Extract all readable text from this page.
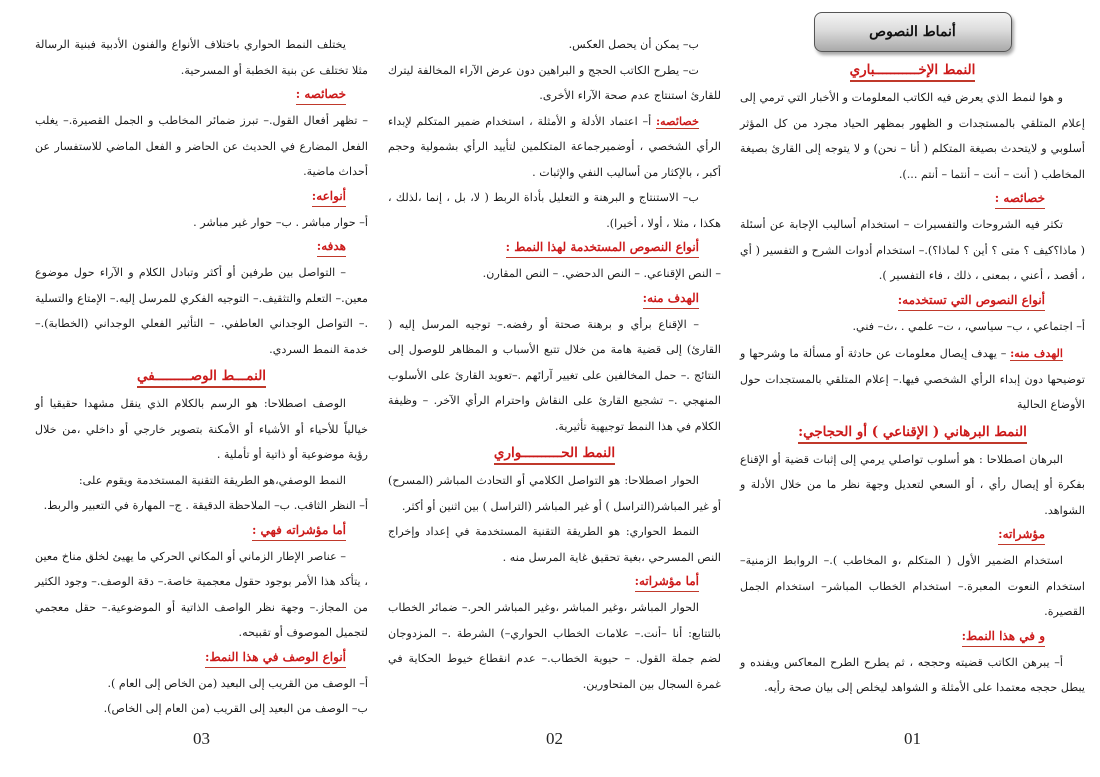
أنماط النصوص
النمط الإخـــــــــــباري

و هوا لنمط الذي يعرض فيه الكاتب المعلومات و الأخبار التي ترمي إلى إعلام المتلقي بالمستجدات و الظهور بمظهر الحياد مجرد من كل المؤثر أسلوبي و لايتحدث بصيغة المتكلم ( أنا – نحن) و لا يتوجه إلى القارئ بصيغة المخاطب ( أنت – أنت – أنتما – أنتم ...).

خصائصه :

تكثر فيه الشروحات والتفسيرات – استخدام أساليب الإجابة عن أسئلة ( ماذا؟كيف ؟ متى ؟ أين ؟ لماذا؟).– استخدام أدوات الشرح و التفسير ( أي ، أقصد ، أعني ، بمعنى ، ذلك ، فاء التفسير ).

أنواع النصوص التي تستخدمه:

أ– اجتماعي ، ب– سياسي، ، ت– علمي . ،ث– فني.

الهدف منه: – يهدف إيصال معلومات عن حادثة أو مسألة ما وشرحها و توضيحها دون إبداء الرأي الشخصي فيها.– إعلام المتلقي بالمستجدات حول الأوضاع الحالية

النمط البرهاني ( الإقناعي ) أو الحجاجي:

البرهان اصطلاحا : هو أسلوب تواصلي يرمي إلى إثبات قضية أو الإقناع بفكرة أو إيصال رأي ، أو السعي لتعديل وجهة نظر ما من خلال الأدلة و الشواهد.

مؤشراته:

استخدام الضمير الأول ( المتكلم ،و المخاطب ).– الروابط الزمنية– استخدام النعوت المعبرة.– استخدام الخطاب المباشر– استخدام الجمل القصيرة.

و في هذا النمط:

أ– يبرهن الكاتب قضيته وحججه ، ثم يطرح الطرح المعاكس ويفنده و يبطل حججه معتمدا على الأمثلة و الشواهد ليخلص إلى بيان صحة رأيه.

01

ب– يمكن أن يحصل العكس.

ت– يطرح الكاتب الحجج و البراهين دون عرض الآراء المخالفة ليترك للقارئ استنتاج عدم صحة الآراء الأخرى.

خصائصه: أ– اعتماد الأدلة و الأمثلة ، استخدام ضمير المتكلم لإبداء الرأي الشخصي ، أوضميرجماعة المتكلمين لتأييد الرأي بشمولية وحجم أكبر ، بالإكثار من أساليب النفي والإثبات .

ب– الاستنتاج و البرهنة و التعليل بأداة الربط ( لا، بل ، إنما ،لذلك ، هكذا ، مثلا ، أولا ، أخيرا).

أنواع النصوص المستخدمة لهذا النمط :

– النص الإقناعي. – النص الدحضي. – النص المقارن.

الهدف منه:

– الإقناع برأي و برهنة صحتة أو رفضه.– توجيه المرسل إليه ( القارئ) إلى قضية هامة من خلال تتبع الأسباب و المظاهر للوصول إلى النتائج .– حمل المخالفين على تغيير آرائهم .–تعويد القارئ على الأسلوب المنهجي .– تشجيع القارئ على النقاش واحترام الرأي الآخر. – وظيفة الكلام في هذا النمط توجيهية تأثيرية.

النمط الحــــــــــواري

الحوار اصطلاحا: هو التواصل الكلامي أو التحادث المباشر (المسرح) أو غير المباشر(التراسل ) أو غير المباشر (التراسل ) بين اثنين أو أكثر.

النمط الحواري: هو الطريقة التقنية المستخدمة في إعداد وإخراج النص المسرحي ،بغية تحقيق غاية المرسل منه .

أما مؤشراته:

الحوار المباشر ،وغير المباشر ،وغير المباشر الحر.– ضمائر الخطاب بالتتابع: أنا –أنت.– علامات الخطاب الحواري–) الشرطة .– المزدوجان لضم جملة القول. – حيوية الخطاب.– عدم انقطاع خيوط الحكاية في غمرة السجال بين المتحاورين.

02

يختلف النمط الحواري باختلاف الأنواع والفنون الأدبية فبنية الرسالة مثلا تختلف عن بنية الخطبة أو المسرحية.

خصائصه :

– تظهر أفعال القول.– تبرز ضمائر المخاطب و الجمل القصيرة.– يغلب الفعل المضارع في الحديث عن الحاضر و الفعل الماضي للاستفسار عن أحداث ماضية.

أنواعه:

أ– حوار مباشر . ب– حوار غير مباشر .

هدفه:

– التواصل بين طرفين أو أكثر وتبادل الكلام و الآراء حول موضوع معين.– التعلم والتثقيف.– التوجيه الفكري للمرسل إليه.– الإمتاع والتسلية .– التواصل الوجداني العاطفي. – التأثير الفعلي الوجداني (الخطابة).– خدمة النمط السردي.

النمـــط الوصـــــــــفي

الوصف اصطلاحا: هو الرسم بالكلام الذي ينقل مشهدا حقيقيا أو خيالياً للأحياء أو الأشياء أو الأمكنة بتصوير خارجي أو داخلي ،من خلال رؤية موضوعية أو ذاتية أو تأملية .

النمط الوصفي،هو الطريقة التقنية المستخدمة ويقوم على:

أ– النظر الثاقب. ب– الملاحظة الدقيقة . ج– المهارة في التعبير والربط.

أما مؤشراته فهي :

– عناصر الإطار الزماني أو المكاني الحركي ما يهيئ لخلق مناخ معين ، يتأكد هذا الأمر بوجود حقول معجمية خاصة.– دقة الوصف.– وجود الكثير من المجاز.– وجهة نظر الواصف الذاتية أو الموضوعية.– حقل معجمي لتجميل الموصوف أو تقبيحه.

أنواع الوصف في هذا النمط:

أ– الوصف من القريب إلى البعيد (من الخاص إلى العام ).

ب– الوصف من البعيد إلى القريب (من العام إلى الخاص).

03
